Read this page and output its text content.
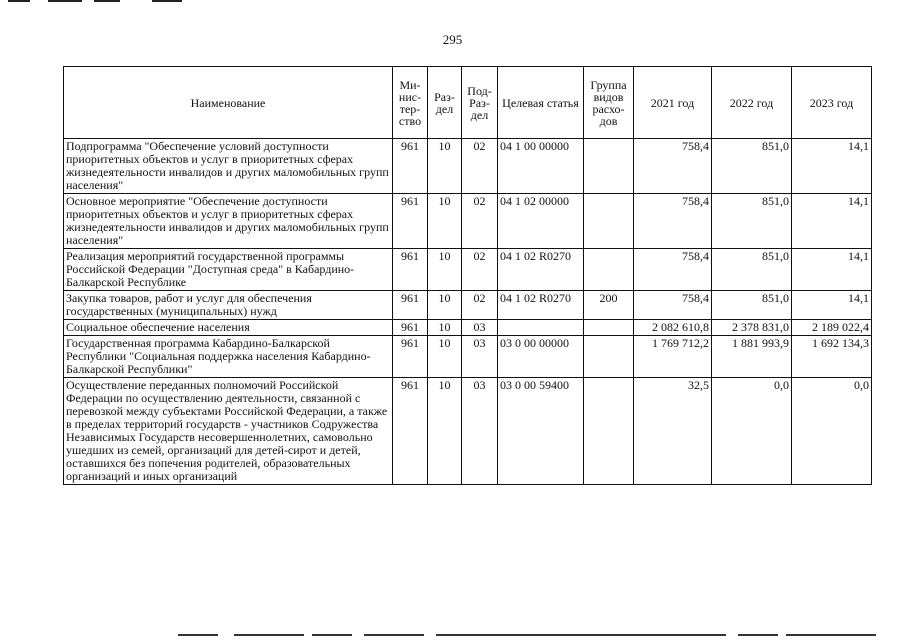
295
Наименование	Ми-нис-тер-ство	Раз-дел	Под-Раз-дел	Целевая статья	Группа видов расхо-дов	2021 год	2022 год	2023 год
Подпрограмма "Обеспечение условий доступности приоритетных объектов и услуг в приоритетных сферах жизнедеятельности инвалидов и других маломобильных групп населения"	961	10	02	04 1 00 00000		758,4	851,0	14,1
Основное мероприятие "Обеспечение доступности приоритетных объектов и услуг в приоритетных сферах жизнедеятельности инвалидов и других маломобильных групп населения"	961	10	02	04 1 02 00000		758,4	851,0	14,1
Реализация мероприятий государственной программы Российской Федерации "Доступная среда" в Кабардино-Балкарской Республике	961	10	02	04 1 02 R0270		758,4	851,0	14,1
Закупка товаров, работ и услуг для обеспечения государственных (муниципальных) нужд	961	10	02	04 1 02 R0270	200	758,4	851,0	14,1
Социальное обеспечение населения	961	10	03			2 082 610,8	2 378 831,0	2 189 022,4
Государственная программа Кабардино-Балкарской Республики "Социальная поддержка населения Кабардино-Балкарской Республики"	961	10	03	03 0 00 00000		1 769 712,2	1 881 993,9	1 692 134,3
Осуществление переданных полномочий Российской Федерации по осуществлению деятельности, связанной с перевозкой между субъектами Российской Федерации, а также в пределах территорий государств - участников Содружества Независимых Государств несовершеннолетних, самовольно ушедших из семей, организаций для детей-сирот и детей, оставшихся без попечения родителей, образовательных организаций и иных организаций	961	10	03	03 0 00 59400		32,5	0,0	0,0
